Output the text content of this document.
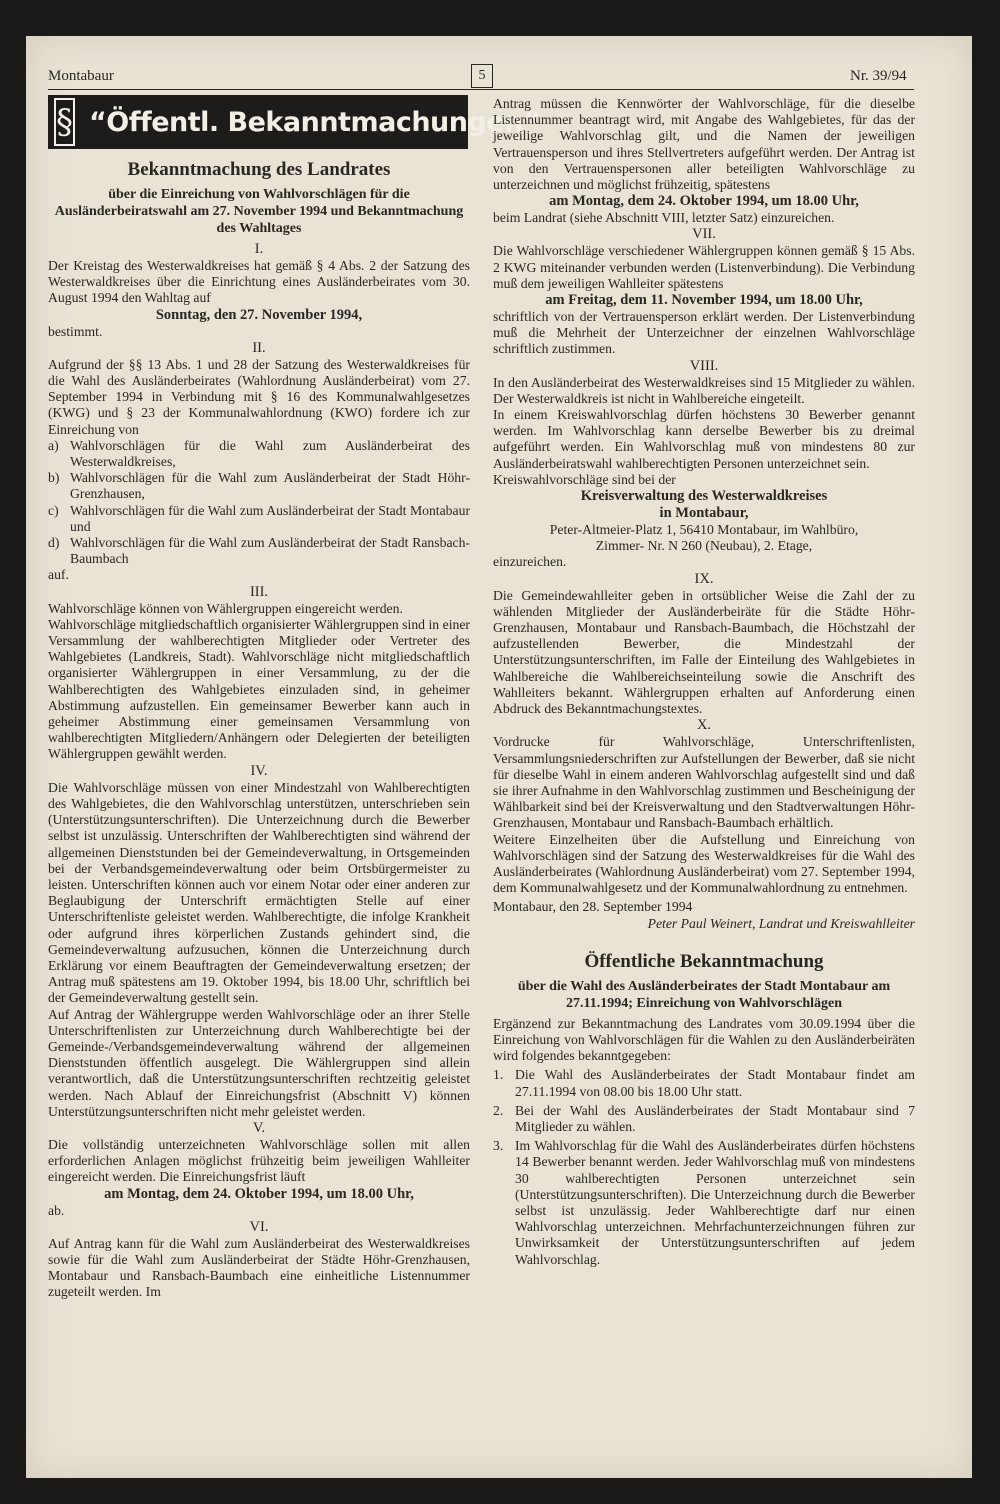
Montabaur	5	Nr. 39/94
§ “Öffentl. Bekanntmachungen”
Bekanntmachung des Landrates
über die Einreichung von Wahlvorschlägen für die Ausländerbeiratswahl am 27. November 1994 und Bekanntmachung des Wahltages
I.

Der Kreistag des Westerwaldkreises hat gemäß § 4 Abs. 2 der Satzung des Westerwaldkreises über die Einrichtung eines Ausländerbeirates vom 30. August 1994 den Wahltag auf

Sonntag, den 27. November 1994,

bestimmt.

II.

Aufgrund der §§ 13 Abs. 1 und 28 der Satzung des Westerwaldkreises für die Wahl des Ausländerbeirates (Wahlordnung Ausländerbeirat) vom 27. September 1994 in Verbindung mit § 16 des Kommunalwahlgesetzes (KWG) und § 23 der Kommunalwahlordnung (KWO) fordere ich zur Einreichung von

a) Wahlvorschlägen für die Wahl zum Ausländerbeirat des Westerwaldkreises,
b) Wahlvorschlägen für die Wahl zum Ausländerbeirat der Stadt Höhr-Grenzhausen,
c) Wahlvorschlägen für die Wahl zum Ausländerbeirat der Stadt Montabaur und
d) Wahlvorschlägen für die Wahl zum Ausländerbeirat der Stadt Ransbach-Baumbach

auf.

III.

Wahlvorschläge können von Wählergruppen eingereicht werden.

Wahlvorschläge mitgliedschaftlich organisierter Wählergruppen sind in einer Versammlung der wahlberechtigten Mitglieder oder Vertreter des Wahlgebietes (Landkreis, Stadt). Wahlvorschläge nicht mitgliedschaftlich organisierter Wählergruppen in einer Versammlung, zu der die Wahlberechtigten des Wahlgebietes einzuladen sind, in geheimer Abstimmung aufzustellen. Ein gemeinsamer Bewerber kann auch in geheimer Abstimmung einer gemeinsamen Versammlung von wahlberechtigten Mitgliedern/Anhängern oder Delegierten der beteiligten Wählergruppen gewählt werden.

IV.

Die Wahlvorschläge müssen von einer Mindestzahl von Wahlberechtigten des Wahlgebietes, die den Wahlvorschlag unterstützen, unterschrieben sein (Unterstützungsunterschriften). Die Unterzeichnung durch die Bewerber selbst ist unzulässig. Unterschriften der Wahlberechtigten sind während der allgemeinen Dienststunden bei der Gemeindeverwaltung, in Ortsgemeinden bei der Verbandsgemeindeverwaltung oder beim Ortsbürgermeister zu leisten. Unterschriften können auch vor einem Notar oder einer anderen zur Beglaubigung der Unterschrift ermächtigten Stelle auf einer Unterschriftenliste geleistet werden. Wahlberechtigte, die infolge Krankheit oder aufgrund ihres körperlichen Zustands gehindert sind, die Gemeindeverwaltung aufzusuchen, können die Unterzeichnung durch Erklärung vor einem Beauftragten der Gemeindeverwaltung ersetzen; der Antrag muß spätestens am 19. Oktober 1994, bis 18.00 Uhr, schriftlich bei der Gemeindeverwaltung gestellt sein.

Auf Antrag der Wählergruppe werden Wahlvorschläge oder an ihrer Stelle Unterschriftenlisten zur Unterzeichnung durch Wahlberechtigte bei der Gemeinde-/Verbandsgemeindeverwaltung während der allgemeinen Dienststunden öffentlich ausgelegt. Die Wählergruppen sind allein verantwortlich, daß die Unterstützungsunterschriften rechtzeitig geleistet werden. Nach Ablauf der Einreichungsfrist (Abschnitt V) können Unterstützungsunterschriften nicht mehr geleistet werden.

V.

Die vollständig unterzeichneten Wahlvorschläge sollen mit allen erforderlichen Anlagen möglichst frühzeitig beim jeweiligen Wahlleiter eingereicht werden. Die Einreichungsfrist läuft

am Montag, dem 24. Oktober 1994, um 18.00 Uhr,

ab.

VI.

Auf Antrag kann für die Wahl zum Ausländerbeirat des Westerwaldkreises sowie für die Wahl zum Ausländerbeirat der Städte Höhr-Grenzhausen, Montabaur und Ransbach-Baumbach eine einheitliche Listennummer zugeteilt werden. Im

Antrag müssen die Kennwörter der Wahlvorschläge, für die dieselbe Listennummer beantragt wird, mit Angabe des Wahlgebietes, für das der jeweilige Wahlvorschlag gilt, und die Namen der jeweiligen Vertrauensperson und ihres Stellvertreters aufgeführt werden. Der Antrag ist von den Vertrauenspersonen aller beteiligten Wahlvorschläge zu unterzeichnen und möglichst frühzeitig, spätestens

am Montag, dem 24. Oktober 1994, um 18.00 Uhr,

beim Landrat (siehe Abschnitt VIII, letzter Satz) einzureichen.

VII.

Die Wahlvorschläge verschiedener Wählergruppen können gemäß § 15 Abs. 2 KWG miteinander verbunden werden (Listenverbindung). Die Verbindung muß dem jeweiligen Wahlleiter spätestens

am Freitag, dem 11. November 1994, um 18.00 Uhr,

schriftlich von der Vertrauensperson erklärt werden. Der Listenverbindung muß die Mehrheit der Unterzeichner der einzelnen Wahlvorschläge schriftlich zustimmen.

VIII.

In den Ausländerbeirat des Westerwaldkreises sind 15 Mitglieder zu wählen. Der Westerwaldkreis ist nicht in Wahlbereiche eingeteilt.

In einem Kreiswahlvorschlag dürfen höchstens 30 Bewerber genannt werden. Im Wahlvorschlag kann derselbe Bewerber bis zu dreimal aufgeführt werden. Ein Wahlvorschlag muß von mindestens 80 zur Ausländerbeiratswahl wahlberechtigten Personen unterzeichnet sein.

Kreiswahlvorschläge sind bei der

Kreisverwaltung des Westerwaldkreises
in Montabaur,
Peter-Altmeier-Platz 1, 56410 Montabaur, im Wahlbüro,
Zimmer- Nr. N 260 (Neubau), 2. Etage,

einzureichen.

IX.

Die Gemeindewahlleiter geben in ortsüblicher Weise die Zahl der zu wählenden Mitglieder der Ausländerbeiräte für die Städte Höhr-Grenzhausen, Montabaur und Ransbach-Baumbach, die Höchstzahl der aufzustellenden Bewerber, die Mindestzahl der Unterstützungsunterschriften, im Falle der Einteilung des Wahlgebietes in Wahlbereiche die Wahlbereichseinteilung sowie die Anschrift des Wahlleiters bekannt. Wählergruppen erhalten auf Anforderung einen Abdruck des Bekanntmachungstextes.

X.

Vordrucke für Wahlvorschläge, Unterschriftenlisten, Versammlungsniederschriften zur Aufstellungen der Bewerber, daß sie nicht für dieselbe Wahl in einem anderen Wahlvorschlag aufgestellt sind und daß sie ihrer Aufnahme in den Wahlvorschlag zustimmen und Bescheinigung der Wählbarkeit sind bei der Kreisverwaltung und den Stadtverwaltungen Höhr-Grenzhausen, Montabaur und Ransbach-Baumbach erhältlich.

Weitere Einzelheiten über die Aufstellung und Einreichung von Wahlvorschlägen sind der Satzung des Westerwaldkreises für die Wahl des Ausländerbeirates (Wahlordnung Ausländerbeirat) vom 27. September 1994, dem Kommunalwahlgesetz und der Kommunalwahlordnung zu entnehmen.

Montabaur, den 28. September 1994

Peter Paul Weinert, Landrat und Kreiswahlleiter

Öffentliche Bekanntmachung
über die Wahl des Ausländerbeirates der Stadt Montabaur am 27.11.1994; Einreichung von Wahlvorschlägen

Ergänzend zur Bekanntmachung des Landrates vom 30.09.1994 über die Einreichung von Wahlvorschlägen für die Wahlen zu den Ausländerbeiräten wird folgendes bekanntgegeben:

1. Die Wahl des Ausländerbeirates der Stadt Montabaur findet am 27.11.1994 von 08.00 bis 18.00 Uhr statt.
2. Bei der Wahl des Ausländerbeirates der Stadt Montabaur sind 7 Mitglieder zu wählen.
3. Im Wahlvorschlag für die Wahl des Ausländerbeirates dürfen höchstens 14 Bewerber benannt werden. Jeder Wahlvorschlag muß von mindestens 30 wahlberechtigten Personen unterzeichnet sein (Unterstützungsunterschriften). Die Unterzeichnung durch die Bewerber selbst ist unzulässig. Jeder Wahlberechtigte darf nur einen Wahlvorschlag unterzeichnen. Mehrfachunterzeichnungen führen zur Unwirksamkeit der Unterstützungsunterschriften auf jedem Wahlvorschlag.
